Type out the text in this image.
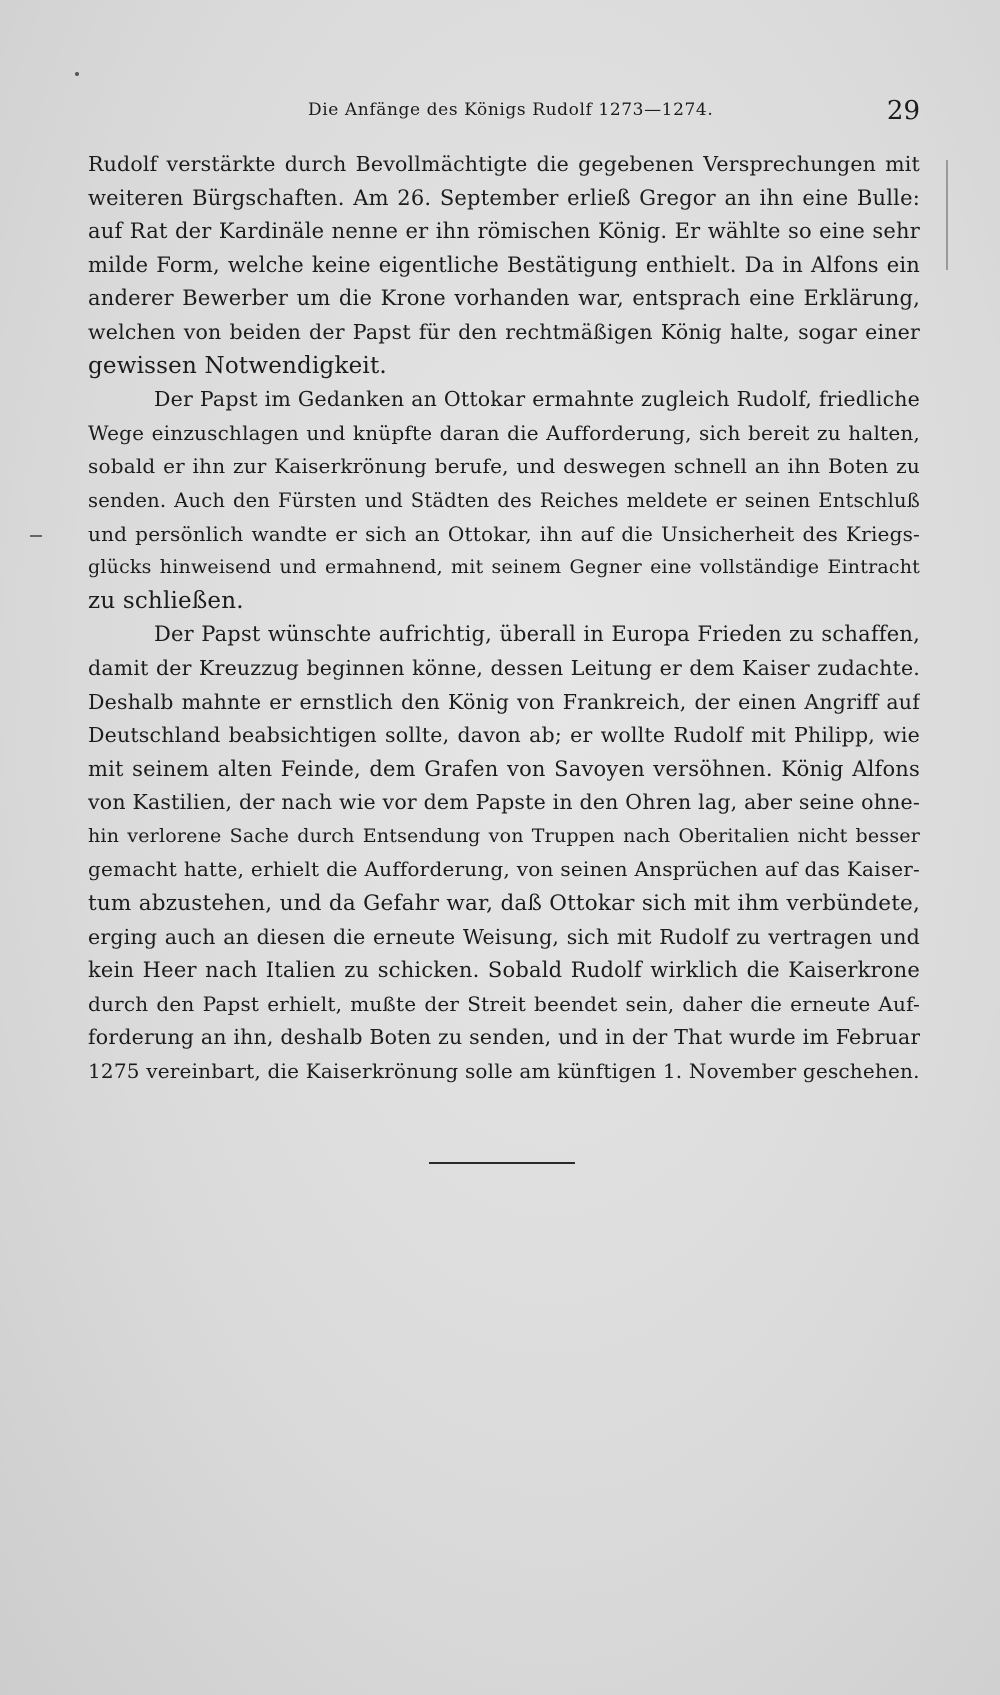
Die Anfänge des Königs Rudolf 1273—1274.	29
Rudolf verstärkte durch Bevollmächtigte die gegebenen Versprechungen mit
weiteren Bürgschaften. Am 26. September erließ Gregor an ihn eine Bulle:
auf Rat der Kardinäle nenne er ihn römischen König. Er wählte so eine sehr
milde Form, welche keine eigentliche Bestätigung enthielt. Da in Alfons ein
anderer Bewerber um die Krone vorhanden war, entsprach eine Erklärung,
welchen von beiden der Papst für den rechtmäßigen König halte, sogar einer
gewissen Notwendigkeit.
Der Papst im Gedanken an Ottokar ermahnte zugleich Rudolf, friedliche
Wege einzuschlagen und knüpfte daran die Aufforderung, sich bereit zu halten,
sobald er ihn zur Kaiserkrönung berufe, und deswegen schnell an ihn Boten zu
senden. Auch den Fürsten und Städten des Reiches meldete er seinen Entschluß
und persönlich wandte er sich an Ottokar, ihn auf die Unsicherheit des Kriegs-
glücks hinweisend und ermahnend, mit seinem Gegner eine vollständige Eintracht
zu schließen.
Der Papst wünschte aufrichtig, überall in Europa Frieden zu schaffen,
damit der Kreuzzug beginnen könne, dessen Leitung er dem Kaiser zudachte.
Deshalb mahnte er ernstlich den König von Frankreich, der einen Angriff auf
Deutschland beabsichtigen sollte, davon ab; er wollte Rudolf mit Philipp, wie
mit seinem alten Feinde, dem Grafen von Savoyen versöhnen. König Alfons
von Kastilien, der nach wie vor dem Papste in den Ohren lag, aber seine ohne-
hin verlorene Sache durch Entsendung von Truppen nach Oberitalien nicht besser
gemacht hatte, erhielt die Aufforderung, von seinen Ansprüchen auf das Kaiser-
tum abzustehen, und da Gefahr war, daß Ottokar sich mit ihm verbündete,
erging auch an diesen die erneute Weisung, sich mit Rudolf zu vertragen und
kein Heer nach Italien zu schicken. Sobald Rudolf wirklich die Kaiserkrone
durch den Papst erhielt, mußte der Streit beendet sein, daher die erneute Auf-
forderung an ihn, deshalb Boten zu senden, und in der That wurde im Februar
1275 vereinbart, die Kaiserkrönung solle am künftigen 1. November geschehen.
